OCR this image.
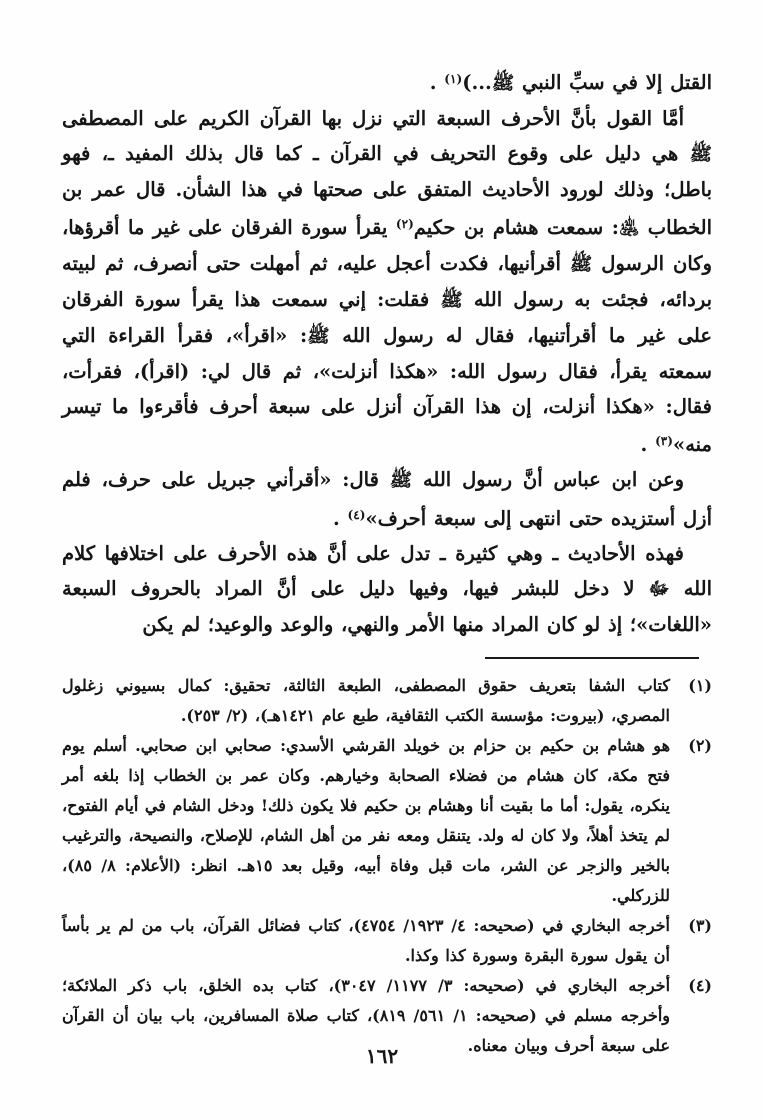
القتل إلا في سبِّ النبي ﷺ...)$^{(١)}$ .

أمَّا القول بأنَّ الأحرف السبعة التي نزل بها القرآن الكريم على المصطفى ﷺ هي دليل على وقوع التحريف في القرآن ـ كما قال بذلك المفيد ـ، فهو باطل؛ وذلك لورود الأحاديث المتفق على صحتها في هذا الشأن. قال عمر بن الخطاب ﵁: سمعت هشام بن حكيم$^{(٢)}$ يقرأ سورة الفرقان على غير ما أقرؤها، وكان الرسول ﷺ أقرأنيها، فكدت أعجل عليه، ثم أمهلت حتى أنصرف، ثم لبيته بردائه، فجئت به رسول الله ﷺ فقلت: إني سمعت هذا يقرأ سورة الفرقان على غير ما أقرأتنيها، فقال له رسول الله ﷺ: «اقرأ»، فقرأ القراءة التي سمعته يقرأ، فقال رسول الله: «هكذا أنزلت»، ثم قال لي: (اقرأ)، فقرأت، فقال: «هكذا أنزلت، إن هذا القرآن أنزل على سبعة أحرف فأقرءوا ما تيسر منه»$^{(٣)}$ .

وعن ابن عباس أنَّ رسول الله ﷺ قال: «أقرأني جبريل على حرف، فلم أزل أستزيده حتى انتهى إلى سبعة أحرف»$^{(٤)}$ .

فهذه الأحاديث ـ وهي كثيرة ـ تدل على أنَّ هذه الأحرف على اختلافها كلام الله ﷻ لا دخل للبشر فيها، وفيها دليل على أنَّ المراد بالحروف السبعة «اللغات»؛ إذ لو كان المراد منها الأمر والنهي، والوعد والوعيد؛ لم يكن

(١)
كتاب الشفا بتعريف حقوق المصطفى، الطبعة الثالثة، تحقيق: كمال بسيوني زغلول المصري، (بيروت: مؤسسة الكتب الثقافية، طبع عام ١٤٢١هـ)، (٢/ ٢٥٣).
(٢)
هو هشام بن حكيم بن حزام بن خويلد القرشي الأسدي: صحابي ابن صحابي. أسلم يوم فتح مكة، كان هشام من فضلاء الصحابة وخيارهم. وكان عمر بن الخطاب إذا بلغه أمر ينكره، يقول: أما ما بقيت أنا وهشام بن حكيم فلا يكون ذلك! ودخل الشام في أيام الفتوح، لم يتخذ أهلاً، ولا كان له ولد. يتنقل ومعه نفر من أهل الشام، للإصلاح، والنصيحة، والترغيب بالخير والزجر عن الشر، مات قبل وفاة أبيه، وقيل بعد ١٥هـ. انظر: (الأعلام: ٨/ ٨٥)، للزركلي.
(٣)
أخرجه البخاري في (صحيحه: ٤/ ١٩٢٣/ ٤٧٥٤)، كتاب فضائل القرآن، باب من لم ير بأساً أن يقول سورة البقرة وسورة كذا وكذا.
(٤)
أخرجه البخاري في (صحيحه: ٣/ ١١٧٧/ ٣٠٤٧)، كتاب بده الخلق، باب ذكر الملائكة؛ وأخرجه مسلم في (صحيحه: ١/ ٥٦١/ ٨١٩)، كتاب صلاة المسافرين، باب بيان أن القرآن على سبعة أحرف وبيان معناه.
١٦٢
